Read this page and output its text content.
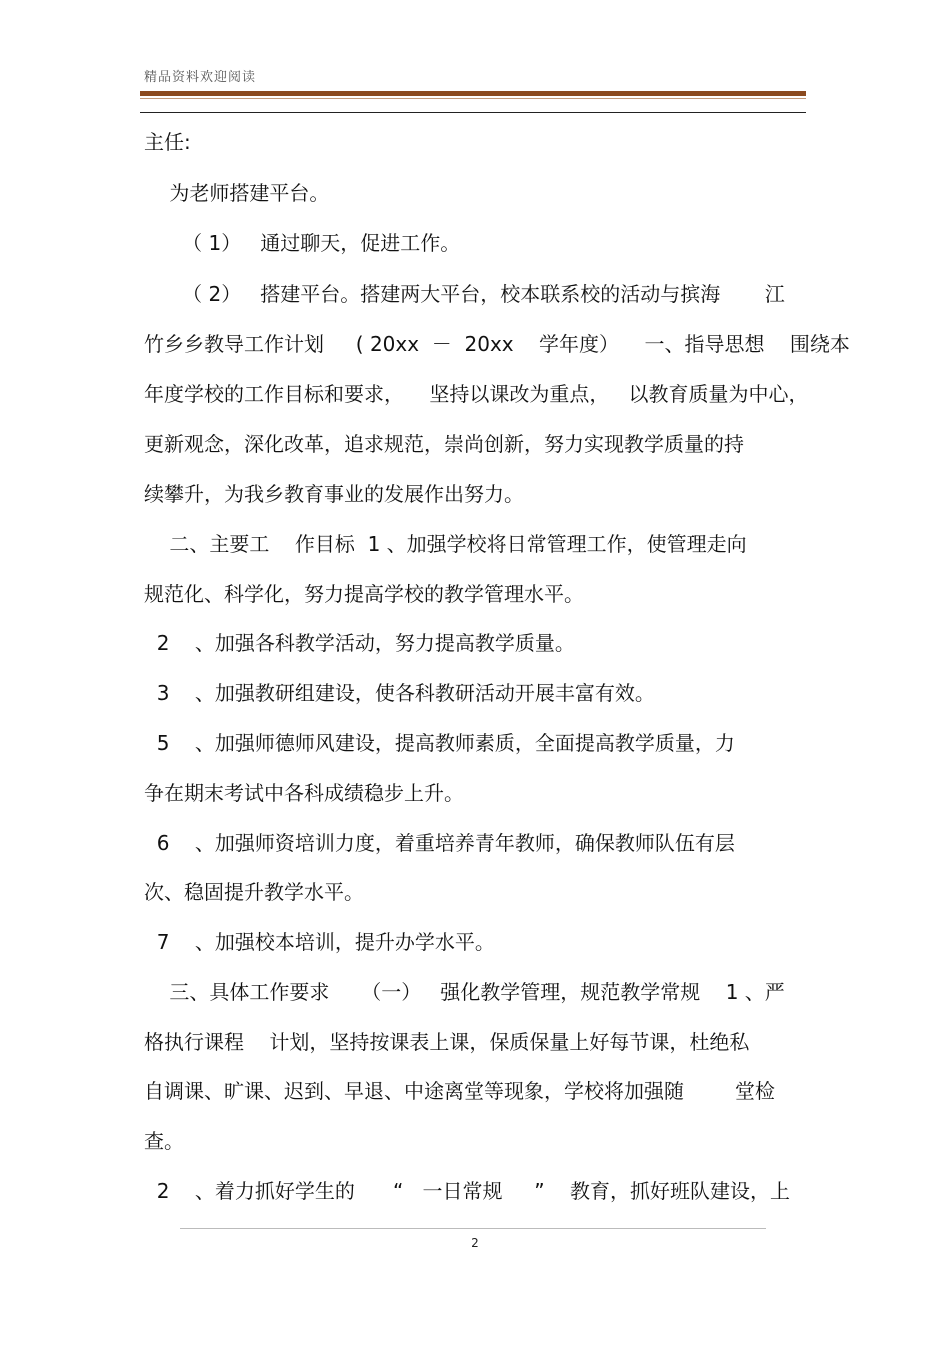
精品资料欢迎阅读
主任:
为老师搭建平台。
（ 1）   通过聊天，促进工作。
（ 2）   搭建平台。搭建两大平台，校本联系校的活动与摈海       江
竹乡乡教导工作计划     ( 20xx  －  20xx    学年度）    一、指导思想    围绕本
年度学校的工作目标和要求，    坚持以课改为重点，   以教育质量为中心，
更新观念，深化改革，追求规范，崇尚创新，努力实现教学质量的持
续攀升，为我乡教育事业的发展作出努力。
二、主要工    作目标  1 、加强学校将日常管理工作，使管理走向
规范化、科学化，努力提高学校的教学管理水平。
2    、加强各科教学活动，努力提高教学质量。
3    、加强教研组建设，使各科教研活动开展丰富有效。
5    、加强师德师风建设，提高教师素质，全面提高教学质量，力
争在期末考试中各科成绩稳步上升。
6    、加强师资培训力度，着重培养青年教师，确保教师队伍有层
次、稳固提升教学水平。
7    、加强校本培训，提升办学水平。
三、具体工作要求     （一）   强化教学管理，规范教学常规    1 、严
格执行课程    计划，坚持按课表上课，保质保量上好每节课，杜绝私
自调课、旷课、迟到、早退、中途离堂等现象，学校将加强随        堂检
查。
2    、着力抓好学生的      “   一日常规     ”    教育，抓好班队建设，上
2
